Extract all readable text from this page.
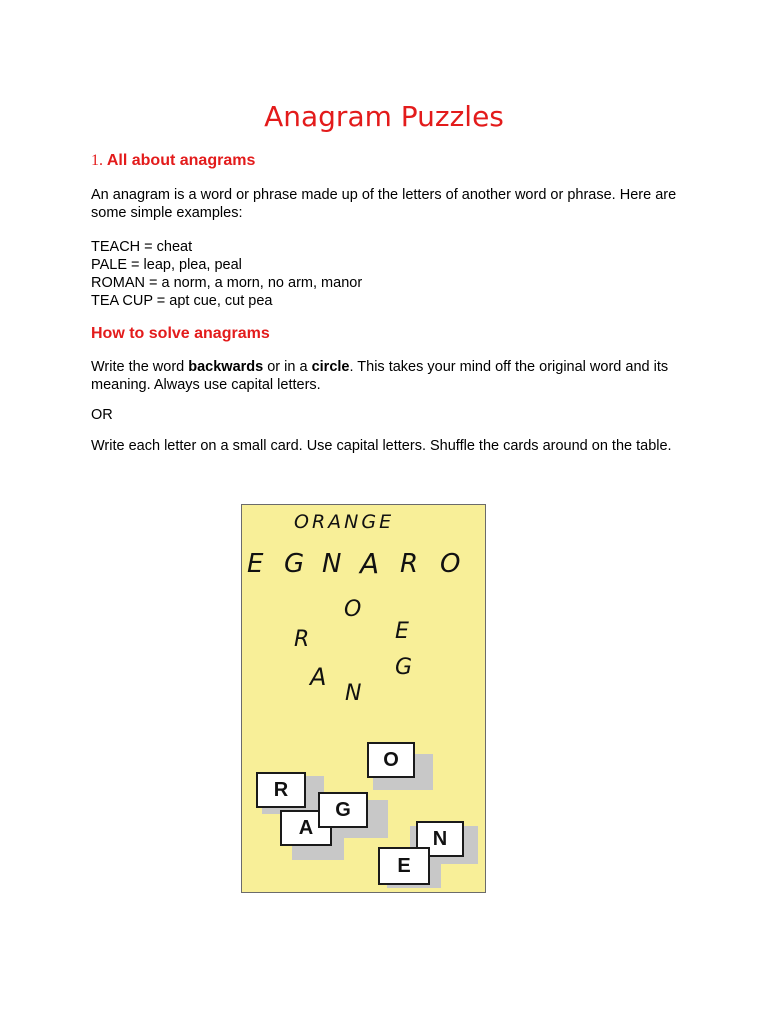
Anagram Puzzles
1. All about anagrams

An anagram is a word or phrase made up of the letters of another word or phrase. Here are some simple examples:

TEACH = cheat
PALE = leap, plea, peal
ROMAN = a norm, a morn, no arm, manor
TEA CUP = apt cue, cut pea
How to solve anagrams

Write the word backwards or in a circle. This takes your mind off the original word and its meaning. Always use capital letters.

OR

Write each letter on a small card. Use capital letters. Shuffle the cards around on the table.

ORANGE
E G N A R O
O
E
G
N
A
R
O
R
A
G
N
E
